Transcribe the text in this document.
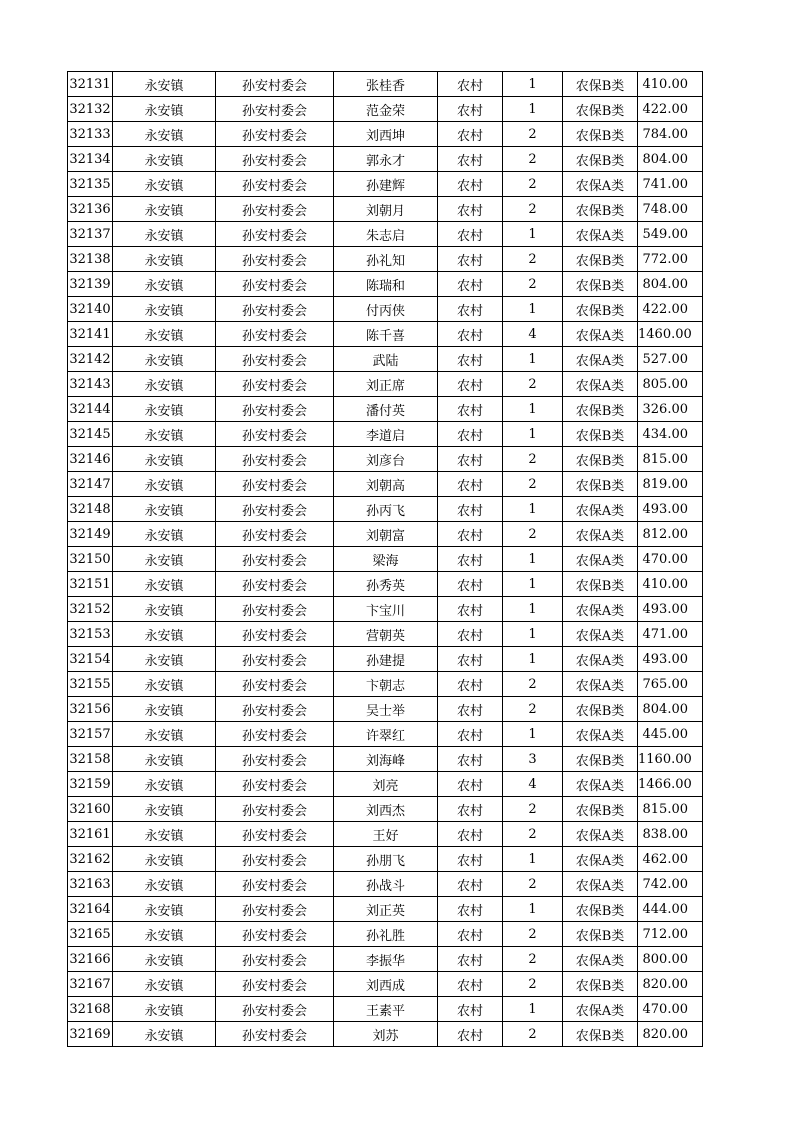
32131	永安镇	孙安村委会	张桂香	农村	1	农保B类	410.00
32132	永安镇	孙安村委会	范金荣	农村	1	农保B类	422.00
32133	永安镇	孙安村委会	刘西坤	农村	2	农保B类	784.00
32134	永安镇	孙安村委会	郭永才	农村	2	农保B类	804.00
32135	永安镇	孙安村委会	孙建辉	农村	2	农保A类	741.00
32136	永安镇	孙安村委会	刘朝月	农村	2	农保B类	748.00
32137	永安镇	孙安村委会	朱志启	农村	1	农保A类	549.00
32138	永安镇	孙安村委会	孙礼知	农村	2	农保B类	772.00
32139	永安镇	孙安村委会	陈瑞和	农村	2	农保B类	804.00
32140	永安镇	孙安村委会	付丙侠	农村	1	农保B类	422.00
32141	永安镇	孙安村委会	陈千喜	农村	4	农保A类	1460.00
32142	永安镇	孙安村委会	武陆	农村	1	农保A类	527.00
32143	永安镇	孙安村委会	刘正席	农村	2	农保A类	805.00
32144	永安镇	孙安村委会	潘付英	农村	1	农保B类	326.00
32145	永安镇	孙安村委会	李道启	农村	1	农保B类	434.00
32146	永安镇	孙安村委会	刘彦台	农村	2	农保B类	815.00
32147	永安镇	孙安村委会	刘朝高	农村	2	农保B类	819.00
32148	永安镇	孙安村委会	孙丙飞	农村	1	农保A类	493.00
32149	永安镇	孙安村委会	刘朝富	农村	2	农保A类	812.00
32150	永安镇	孙安村委会	梁海	农村	1	农保A类	470.00
32151	永安镇	孙安村委会	孙秀英	农村	1	农保B类	410.00
32152	永安镇	孙安村委会	卞宝川	农村	1	农保A类	493.00
32153	永安镇	孙安村委会	营朝英	农村	1	农保A类	471.00
32154	永安镇	孙安村委会	孙建提	农村	1	农保A类	493.00
32155	永安镇	孙安村委会	卞朝志	农村	2	农保A类	765.00
32156	永安镇	孙安村委会	吴士举	农村	2	农保B类	804.00
32157	永安镇	孙安村委会	许翠红	农村	1	农保A类	445.00
32158	永安镇	孙安村委会	刘海峰	农村	3	农保B类	1160.00
32159	永安镇	孙安村委会	刘亮	农村	4	农保A类	1466.00
32160	永安镇	孙安村委会	刘西杰	农村	2	农保B类	815.00
32161	永安镇	孙安村委会	王好	农村	2	农保A类	838.00
32162	永安镇	孙安村委会	孙朋飞	农村	1	农保A类	462.00
32163	永安镇	孙安村委会	孙战斗	农村	2	农保A类	742.00
32164	永安镇	孙安村委会	刘正英	农村	1	农保B类	444.00
32165	永安镇	孙安村委会	孙礼胜	农村	2	农保B类	712.00
32166	永安镇	孙安村委会	李振华	农村	2	农保A类	800.00
32167	永安镇	孙安村委会	刘西成	农村	2	农保B类	820.00
32168	永安镇	孙安村委会	王素平	农村	1	农保A类	470.00
32169	永安镇	孙安村委会	刘苏	农村	2	农保B类	820.00
